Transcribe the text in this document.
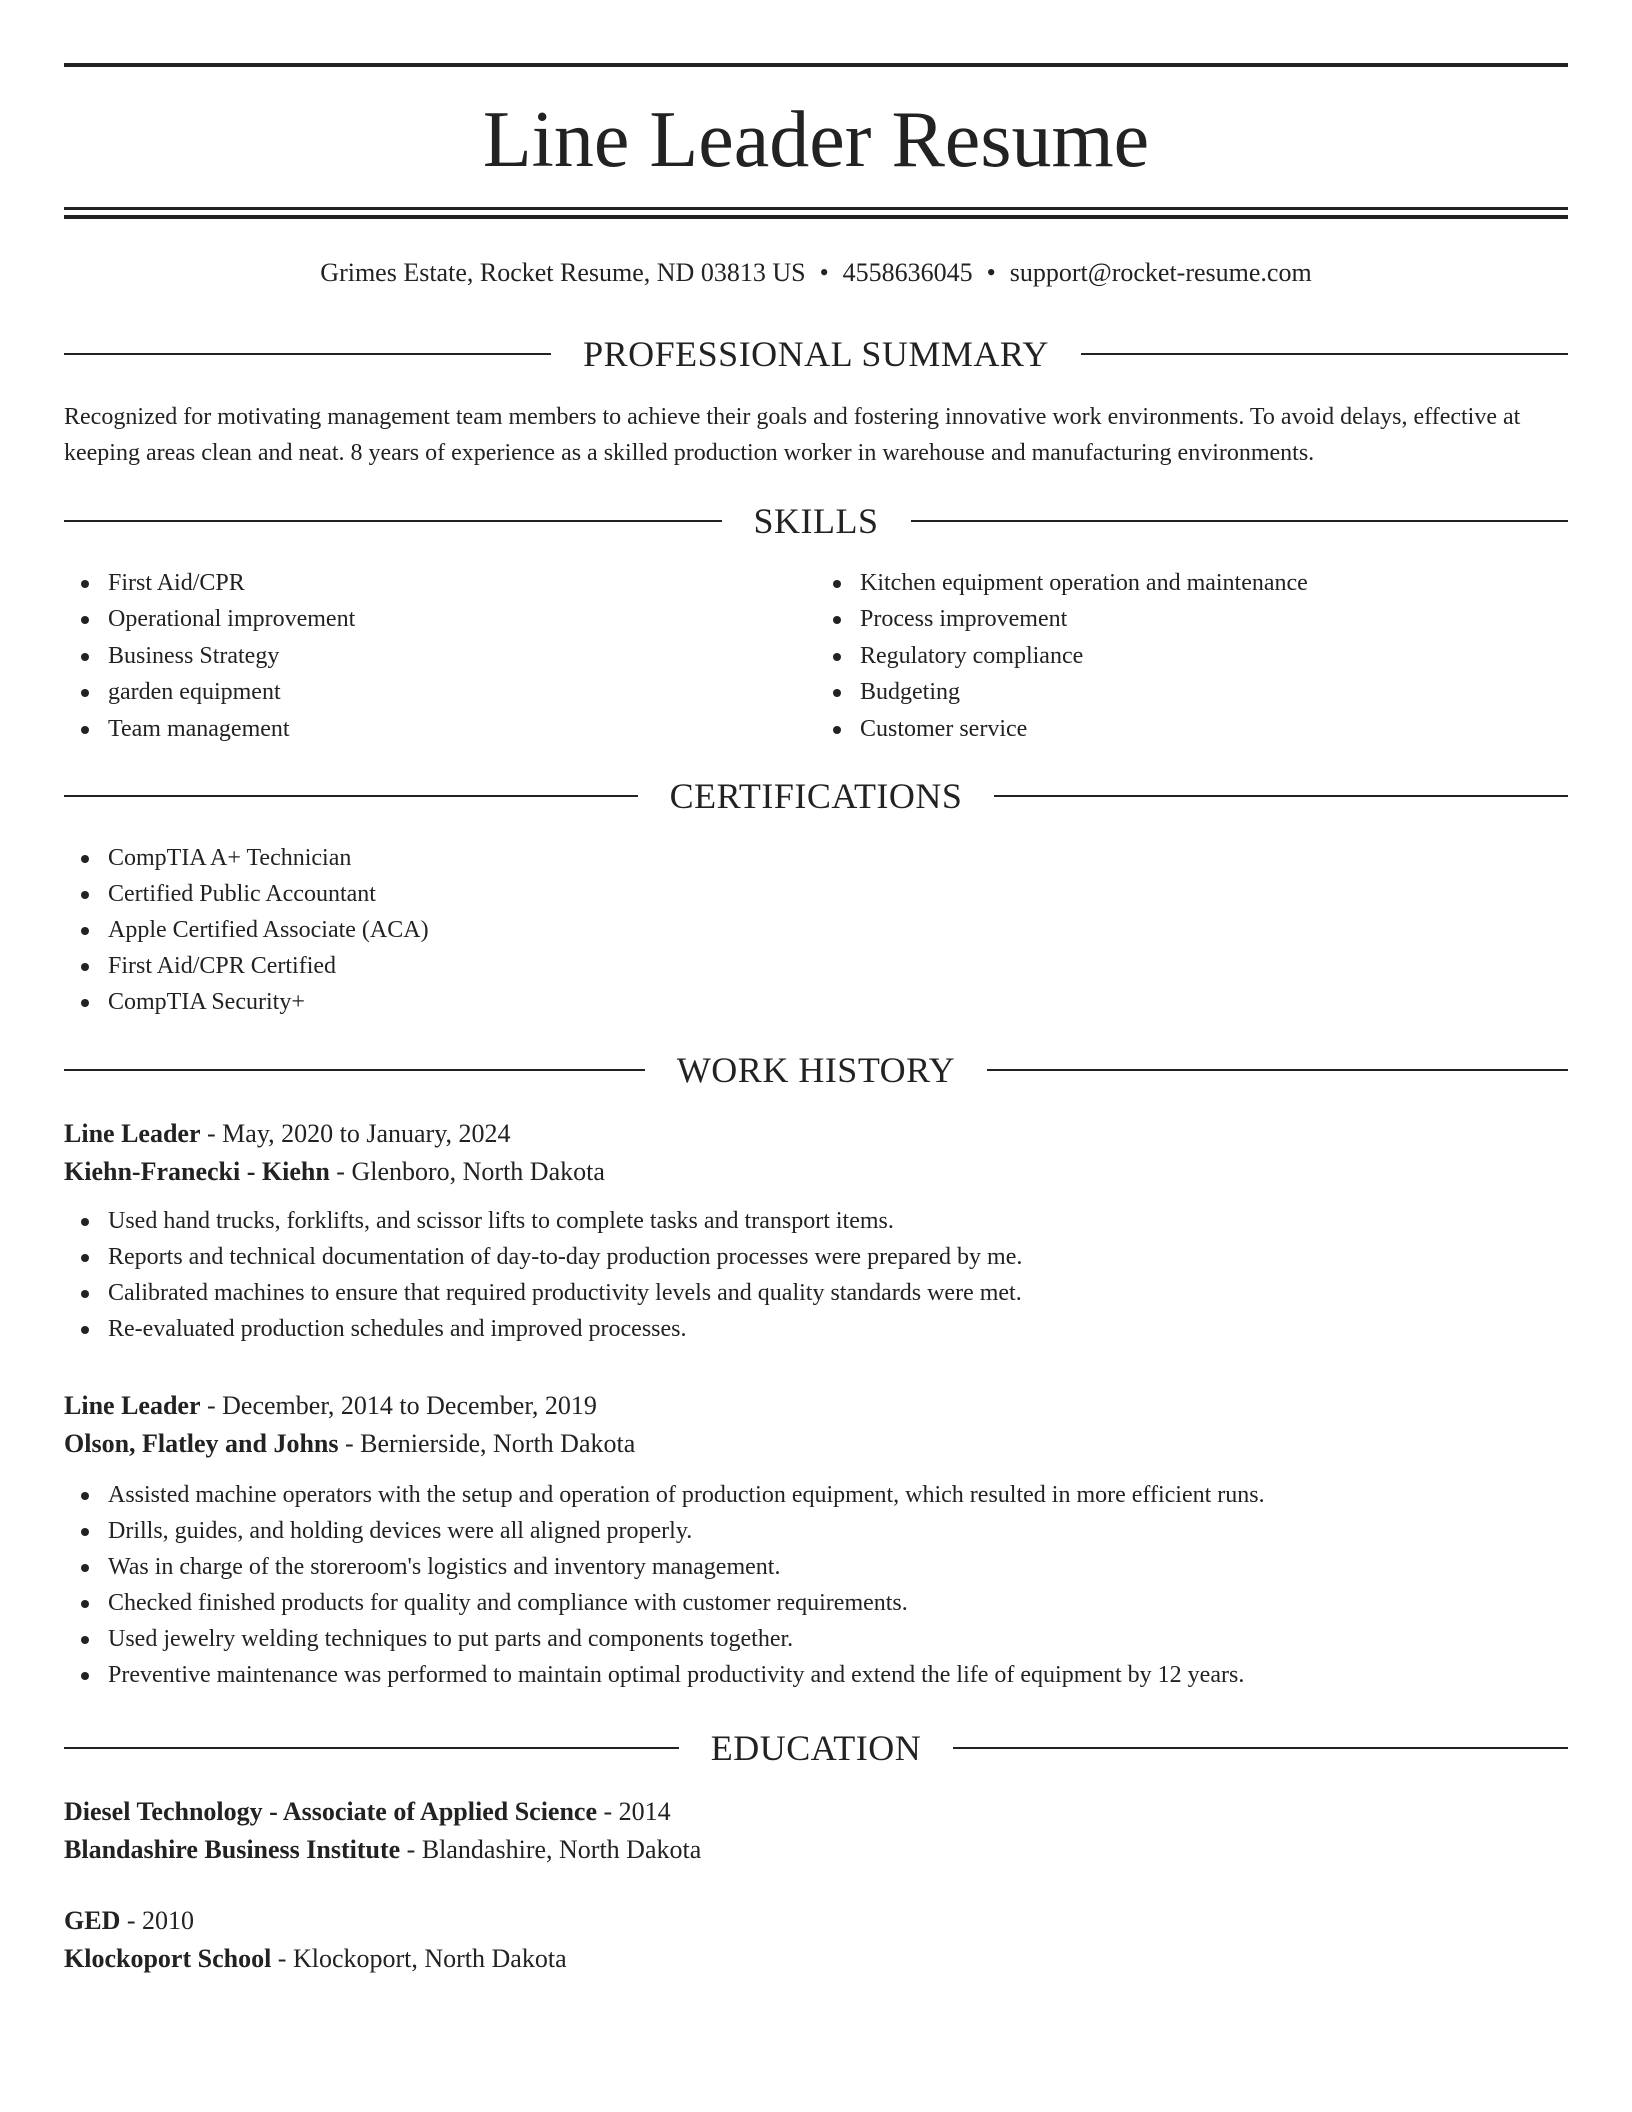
Line Leader Resume
Grimes Estate, Rocket Resume, ND 03813 US • 4558636045 • support@rocket-resume.com
PROFESSIONAL SUMMARY

Recognized for motivating management team members to achieve their goals and fostering innovative work environments. To avoid delays, effective at keeping areas clean and neat. 8 years of experience as a skilled production worker in warehouse and manufacturing environments.

SKILLS
First Aid/CPR
Operational improvement
Business Strategy
garden equipment
Team management
Kitchen equipment operation and maintenance
Process improvement
Regulatory compliance
Budgeting
Customer service
CERTIFICATIONS
CompTIA A+ Technician
Certified Public Accountant
Apple Certified Associate (ACA)
First Aid/CPR Certified
CompTIA Security+
WORK HISTORY
Line Leader - May, 2020 to January, 2024
Kiehn-Franecki - Kiehn - Glenboro, North Dakota
Used hand trucks, forklifts, and scissor lifts to complete tasks and transport items.
Reports and technical documentation of day-to-day production processes were prepared by me.
Calibrated machines to ensure that required productivity levels and quality standards were met.
Re-evaluated production schedules and improved processes.
Line Leader - December, 2014 to December, 2019
Olson, Flatley and Johns - Bernierside, North Dakota
Assisted machine operators with the setup and operation of production equipment, which resulted in more efficient runs.
Drills, guides, and holding devices were all aligned properly.
Was in charge of the storeroom's logistics and inventory management.
Checked finished products for quality and compliance with customer requirements.
Used jewelry welding techniques to put parts and components together.
Preventive maintenance was performed to maintain optimal productivity and extend the life of equipment by 12 years.
EDUCATION
Diesel Technology - Associate of Applied Science - 2014
Blandashire Business Institute - Blandashire, North Dakota
GED - 2010
Klockoport School - Klockoport, North Dakota
